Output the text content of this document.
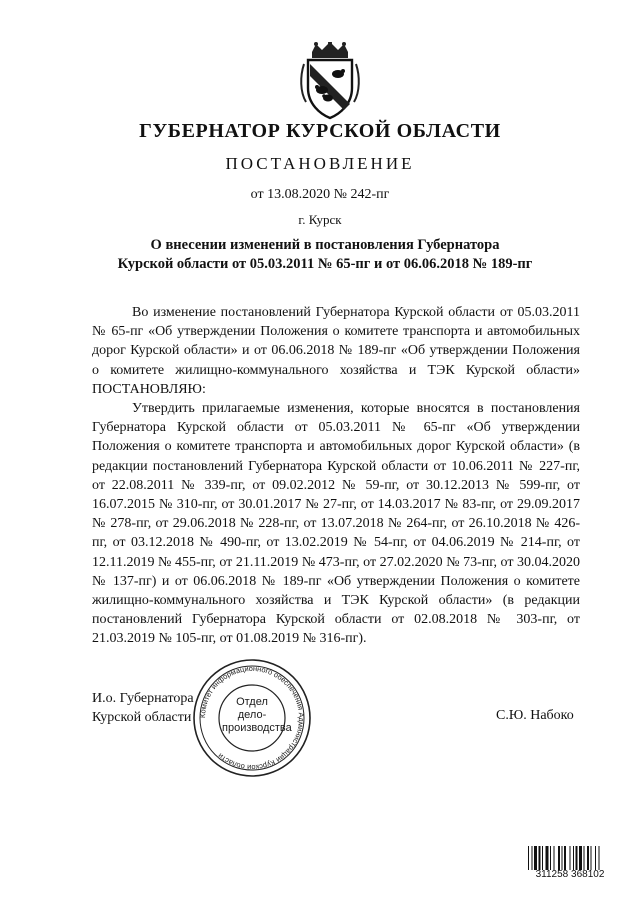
ГУБЕРНАТОР КУРСКОЙ ОБЛАСТИ
ПОСТАНОВЛЕНИЕ
от 13.08.2020 № 242-пг
г. Курск
О внесении изменений в постановления Губернатора
Курской области от 05.03.2011 № 65-пг и от 06.06.2018 № 189-пг

Во изменение постановлений Губернатора Курской области от 05.03.2011 № 65-пг «Об утверждении Положения о комитете транспорта и автомобильных дорог Курской области» и от 06.06.2018 № 189-пг «Об утверждении Положения о комитете жилищно-коммунального хозяйства и ТЭК Курской области» ПОСТАНОВЛЯЮ:

Утвердить прилагаемые изменения, которые вносятся в постановления Губернатора Курской области от 05.03.2011 № 65-пг «Об утверждении Положения о комитете транспорта и автомобильных дорог Курской области» (в редакции постановлений Губернатора Курской области от 10.06.2011 № 227-пг, от 22.08.2011 № 339-пг, от 09.02.2012 № 59-пг, от 30.12.2013 № 599-пг, от 16.07.2015 № 310-пг, от 30.01.2017 № 27-пг, от 14.03.2017 № 83-пг, от 29.09.2017 № 278-пг, от 29.06.2018 № 228-пг, от 13.07.2018 № 264-пг, от 26.10.2018 № 426-пг, от 03.12.2018 № 490-пг, от 13.02.2019 № 54-пг, от 04.06.2019 № 214-пг, от 12.11.2019 № 455-пг, от 21.11.2019 № 473-пг, от 27.02.2020 № 73-пг, от 30.04.2020 № 137-пг) и от 06.06.2018 № 189-пг «Об утверждении Положения о комитете жилищно-коммунального хозяйства и ТЭК Курской области» (в редакции постановлений Губернатора Курской области от 02.08.2018 № 303-пг, от 21.03.2019 № 105-пг, от 01.08.2019 № 316-пг).

И.о. Губернатора
Курской области	С.Ю. Набоко
Комитет информационного обеспечения Администрации Курской области
Отдел
дело-
производства
311258 368102
